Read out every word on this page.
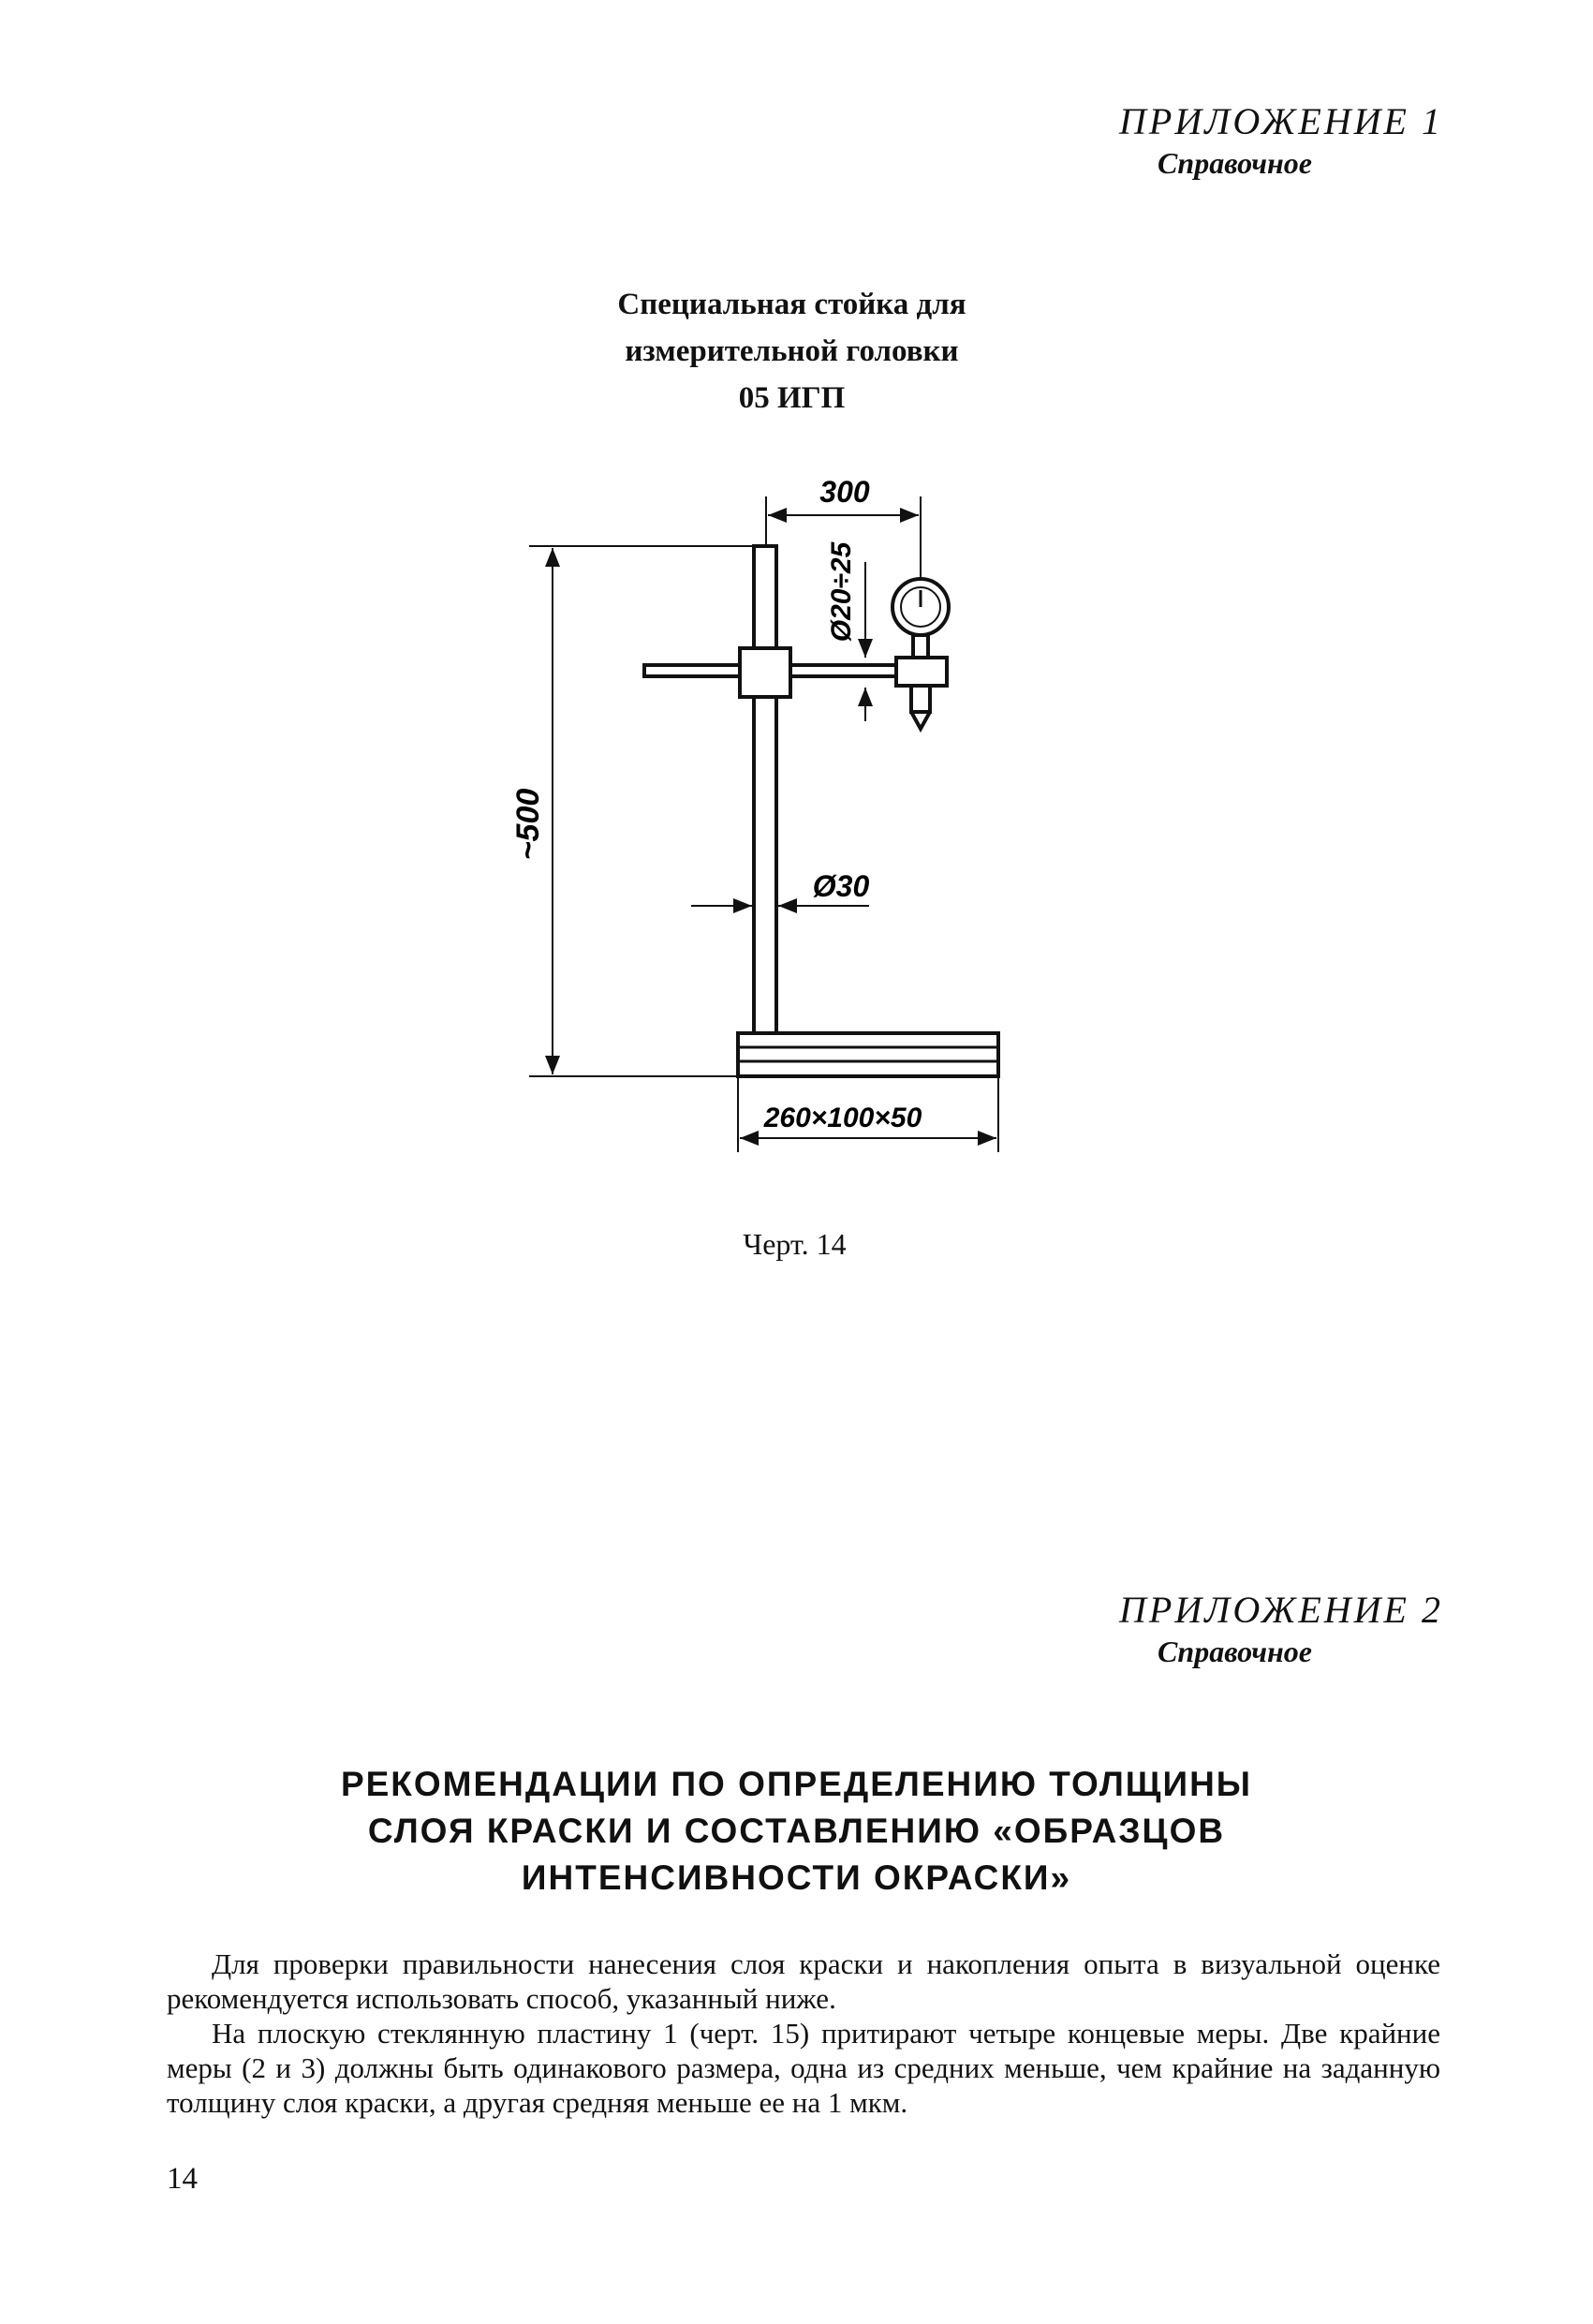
ПРИЛОЖЕНИЕ 1
Справочное
Специальная стойка для
измерительной головки
05 ИГП
300
Ø20÷25
~500
Ø30
260×100×50
Черт. 14
ПРИЛОЖЕНИЕ 2
Справочное
РЕКОМЕНДАЦИИ ПО ОПРЕДЕЛЕНИЮ ТОЛЩИНЫ
СЛОЯ КРАСКИ И СОСТАВЛЕНИЮ «ОБРАЗЦОВ
ИНТЕНСИВНОСТИ ОКРАСКИ»

Для проверки правильности нанесения слоя краски и накопления опыта в визуальной оценке рекомендуется использовать способ, указанный ниже.

На плоскую стеклянную пластину 1 (черт. 15) притирают четыре концевые меры. Две крайние меры (2 и 3) должны быть одинакового размера, одна из средних меньше, чем крайние на заданную толщину слоя краски, а другая средняя меньше ее на 1 мкм.

14
